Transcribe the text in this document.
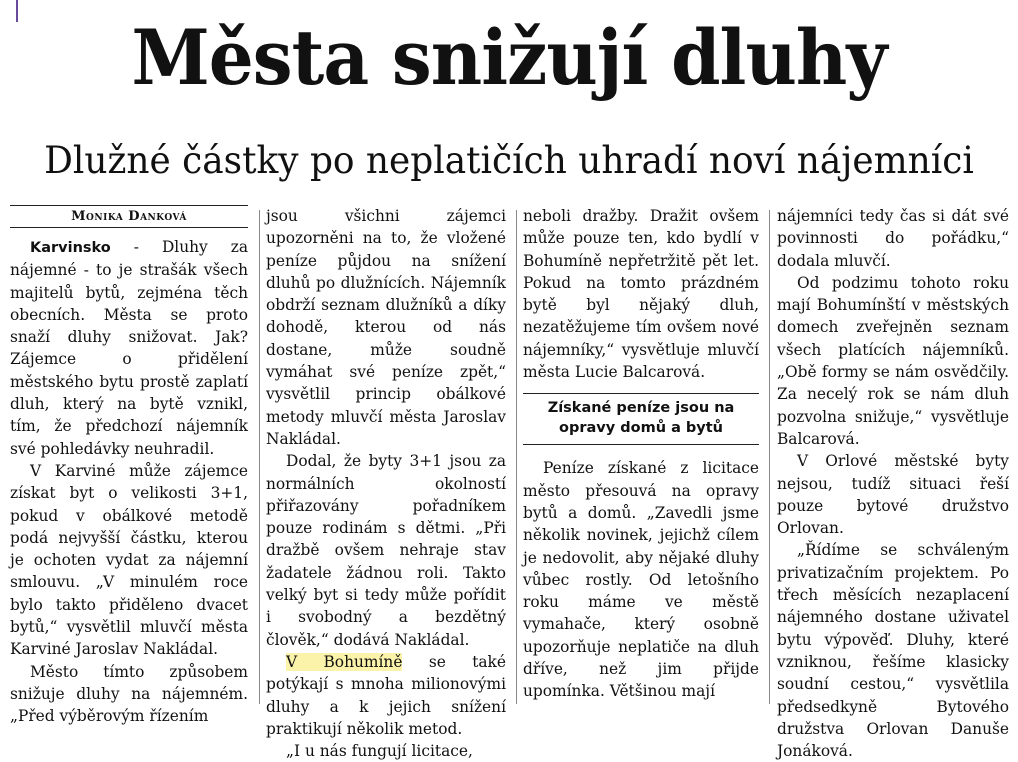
Města snižují dluhy
Dlužné částky po neplatičích uhradí noví nájemníci
Monika Danková

Karvinsko - Dluhy za nájemné - to je strašák všech majitelů bytů, zejména těch obecních. Města se proto snaží dluhy snižovat. Jak? Zájemce o přidělení městského bytu prostě zaplatí dluh, který na bytě vznikl, tím, že předchozí nájemník své pohledávky neuhradil.

V Karviné může zájemce získat byt o velikosti 3+1, pokud v obálkové metodě podá nejvyšší částku, kterou je ochoten vydat za nájemní smlouvu. „V minulém roce bylo takto přiděleno dvacet bytů,“ vysvětlil mluvčí města Karviné Jaroslav Nakládal.

Město tímto způsobem snižuje dluhy na nájemném. „Před výběrovým řízením

jsou všichni zájemci upozorněni na to, že vložené peníze půjdou na snížení dluhů po dlužnících. Nájemník obdrží seznam dlužníků a díky dohodě, kterou od nás dostane, může soudně vymáhat své peníze zpět,“ vysvětlil princip obálkové metody mluvčí města Jaroslav Nakládal.

Dodal, že byty 3+1 jsou za normálních okolností přiřazovány pořadníkem pouze rodinám s dětmi. „Při dražbě ovšem nehraje stav žadatele žádnou roli. Takto velký byt si tedy může pořídit i svobodný a bezdětný člověk,“ dodává Nakládal.

V Bohumíně se také potýkají s mnoha milionovými dluhy a k jejich snížení praktikují několik metod.

„I u nás fungují licitace,

neboli dražby. Dražit ovšem může pouze ten, kdo bydlí v Bohumíně nepřetržitě pět let. Pokud na tomto prázdném bytě byl nějaký dluh, nezatěžujeme tím ovšem nové nájemníky,“ vysvětluje mluvčí města Lucie Balcarová.

Získané peníze jsou na opravy domů a bytů

Peníze získané z licitace město přesouvá na opravy bytů a domů. „Zavedli jsme několik novinek, jejichž cílem je nedovolit, aby nějaké dluhy vůbec rostly. Od letošního roku máme ve městě vymahače, který osobně upozorňuje neplatiče na dluh dříve, než jim přijde upomínka. Většinou mají

nájemníci tedy čas si dát své povinnosti do pořádku,“ dodala mluvčí.

Od podzimu tohoto roku mají Bohumínští v městských domech zveřejněn seznam všech platících nájemníků. „Obě formy se nám osvědčily. Za necelý rok se nám dluh pozvolna snižuje,“ vysvětluje Balcarová.

V Orlové městské byty nejsou, tudíž situaci řeší pouze bytové družstvo Orlovan.

„Řídíme se schváleným privatizačním projektem. Po třech měsících nezaplacení nájemného dostane uživatel bytu výpověď. Dluhy, které vzniknou, řešíme klasicky soudní cestou,“ vysvětlila předsedkyně Bytového družstva Orlovan Danuše Jonáková.
